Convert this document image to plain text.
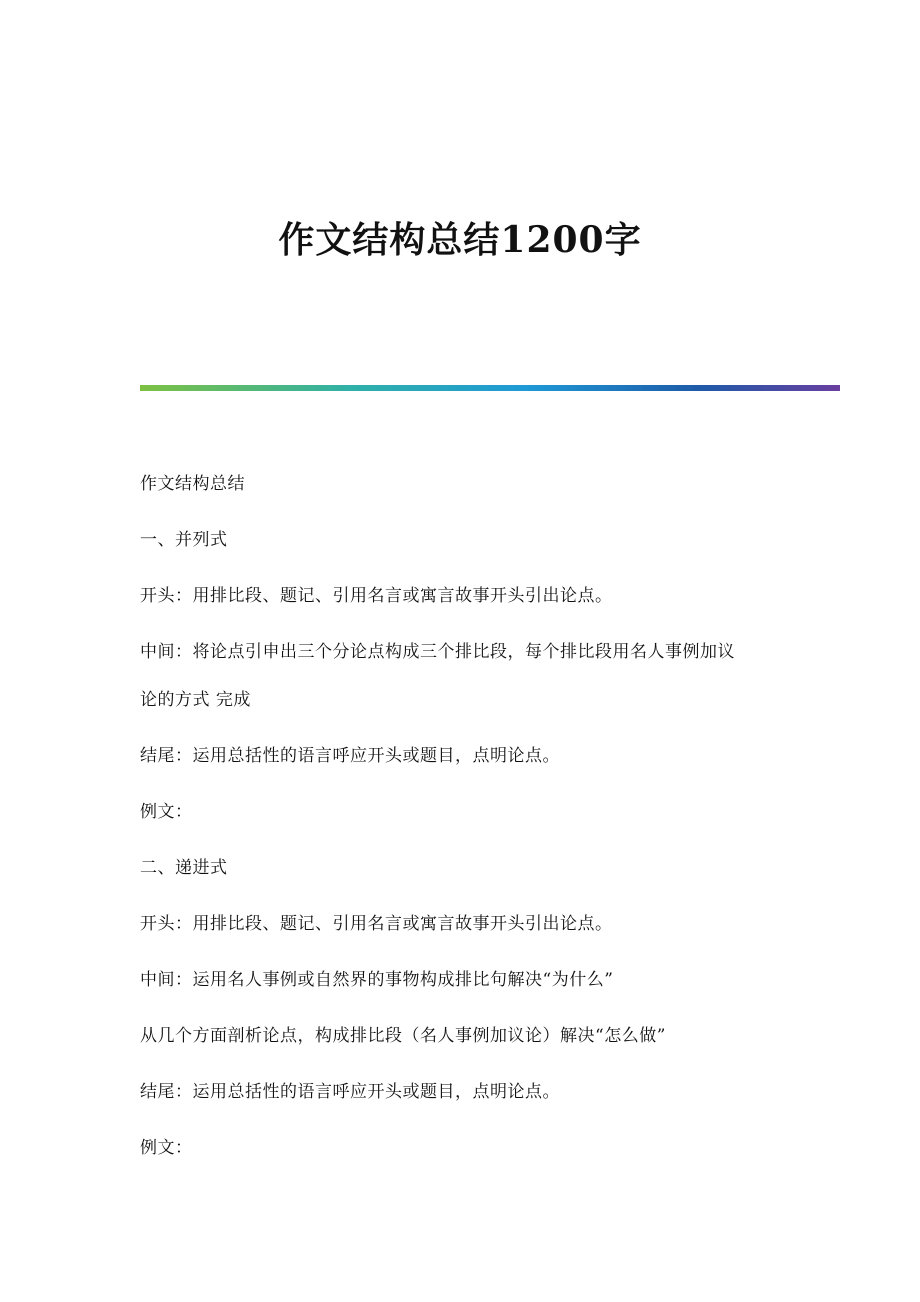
作文结构总结1200字

作文结构总结

一、并列式

开头：用排比段、题记、引用名言或寓言故事开头引出论点。

中间：将论点引申出三个分论点构成三个排比段，每个排比段用名人事例加议

论的方式 完成

结尾：运用总括性的语言呼应开头或题目，点明论点。

例文：

二、递进式

开头：用排比段、题记、引用名言或寓言故事开头引出论点。

中间：运用名人事例或自然界的事物构成排比句解决“为什么”

从几个方面剖析论点，构成排比段（名人事例加议论）解决“怎么做”

结尾：运用总括性的语言呼应开头或题目，点明论点。

例文：
